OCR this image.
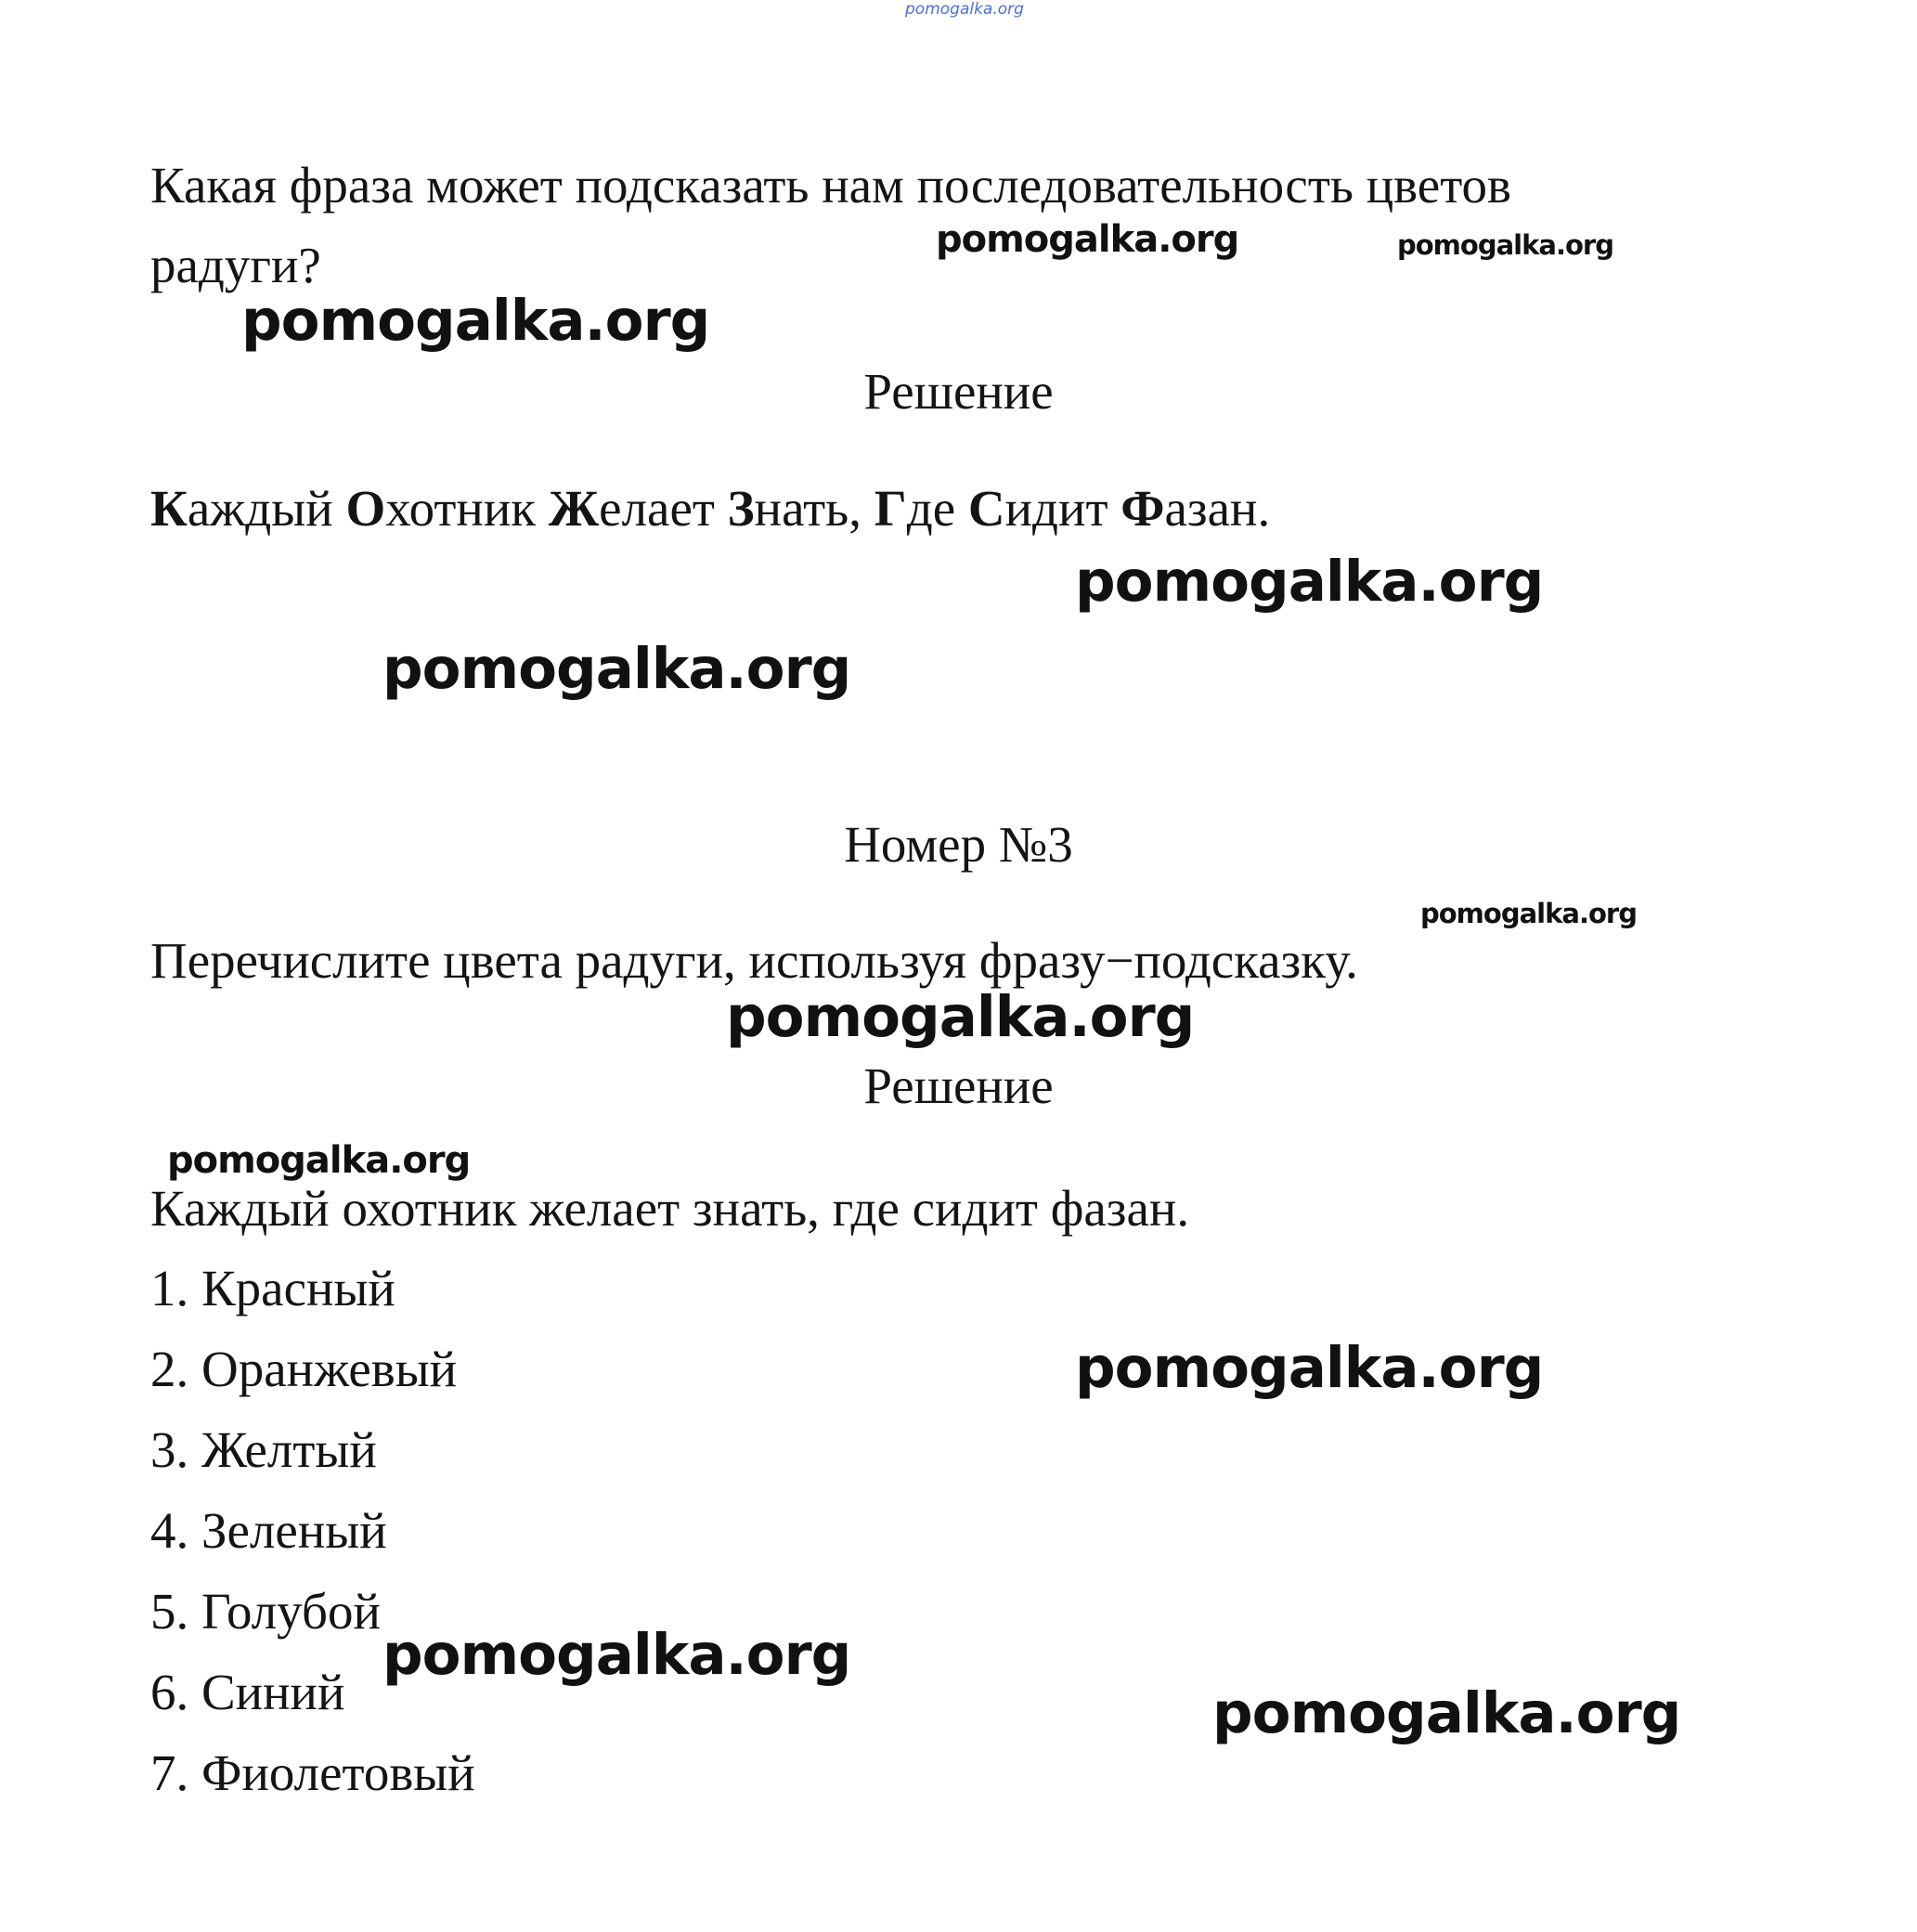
Какая фраза может подсказать нам последовательность цветов

радуги?

Решение

Каждый Охотник Желает Знать, Где Сидит Фазан.

Номер №3

Перечислите цвета радуги, используя фразу−подсказку.

Решение

Каждый охотник желает знать, где сидит фазан.

1. Красный

2. Оранжевый

3. Желтый

4. Зеленый

5. Голубой

6. Синий

7. Фиолетовый

pomogalka.org
pomogalka.org	pomogalka.org
pomogalka.org
pomogalka.org
pomogalka.org
pomogalka.org
pomogalka.org
pomogalka.org
pomogalka.org
pomogalka.org
pomogalka.org
